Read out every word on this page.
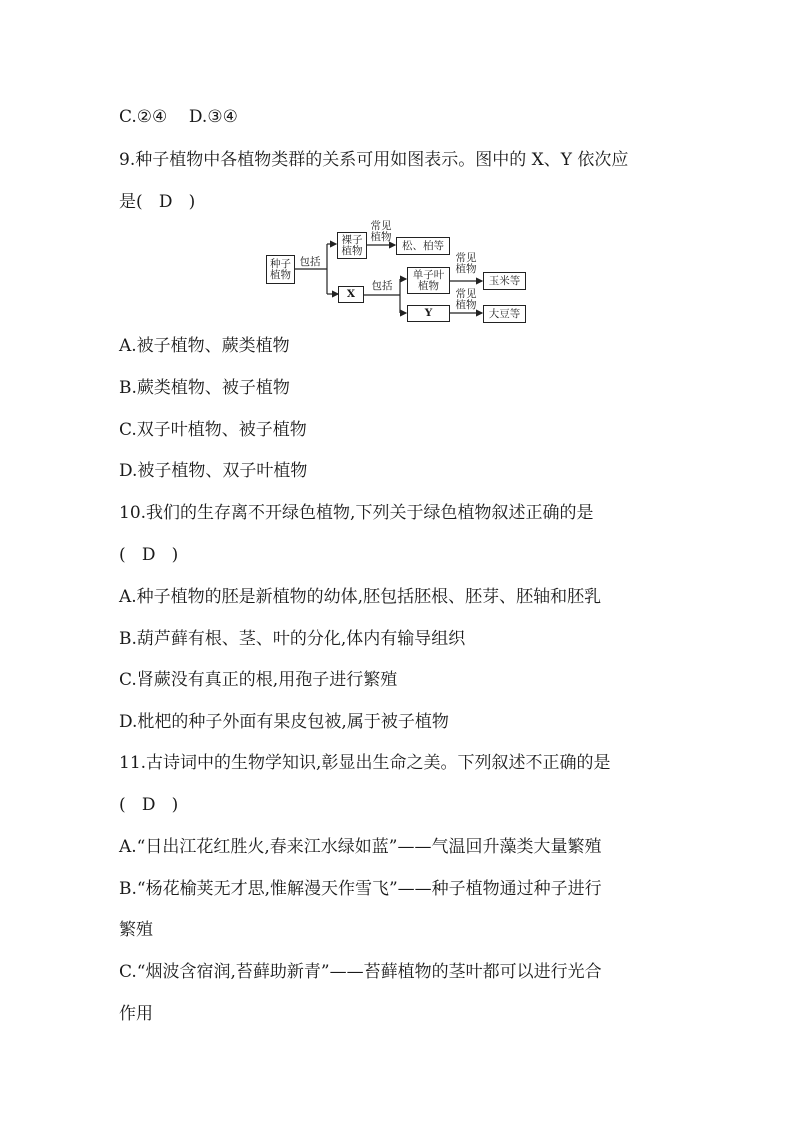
C.②④    D.③④
9.种子植物中各植物类群的关系可用如图表示。图中的 X、Y 依次应
是(   D   )
A.被子植物、蕨类植物
B.蕨类植物、被子植物
C.双子叶植物、被子植物
D.被子植物、双子叶植物
10.我们的生存离不开绿色植物,下列关于绿色植物叙述正确的是
(   D   )
A.种子植物的胚是新植物的幼体,胚包括胚根、胚芽、胚轴和胚乳
B.葫芦藓有根、茎、叶的分化,体内有输导组织
C.肾蕨没有真正的根,用孢子进行繁殖
D.枇杷的种子外面有果皮包被,属于被子植物
11.古诗词中的生物学知识,彰显出生命之美。下列叙述不正确的是
(   D   )
A.“日出江花红胜火,春来江水绿如蓝”——气温回升藻类大量繁殖
B.“杨花榆荚无才思,惟解漫天作雪飞”——种子植物通过种子进行
繁殖
C.“烟波含宿润,苔藓助新青”——苔藓植物的茎叶都可以进行光合
作用
种子
植物
包括
裸子
植物
常见
植物
松、柏等
X
包括
单子叶
植物
常见
植物
玉米等
Y
常见
植物
大豆等
